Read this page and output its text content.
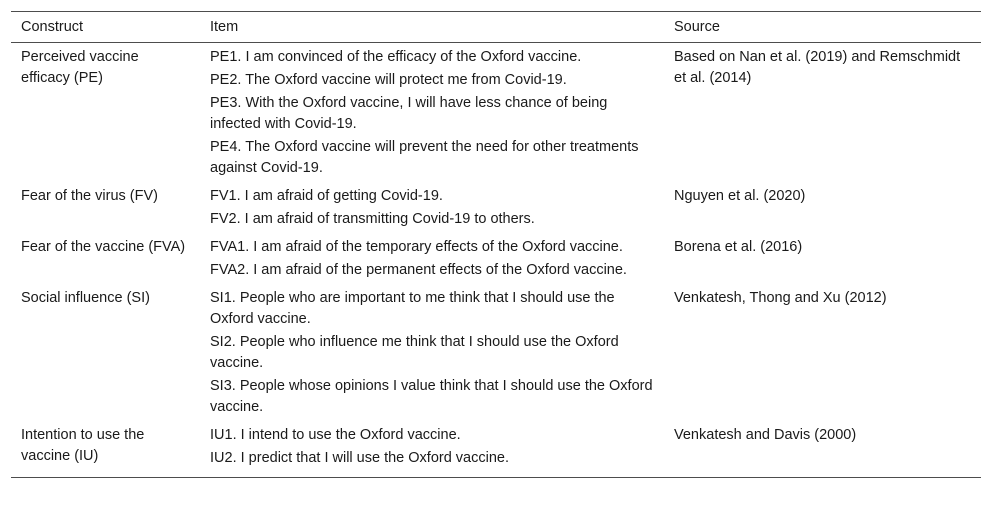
Construct	Item	Source
Perceived vaccine efficacy (PE)	PE1. I am convinced of the efficacy of the Oxford vaccine.
PE2. The Oxford vaccine will protect me from Covid-19.
PE3. With the Oxford vaccine, I will have less chance of being infected with Covid-19.
PE4. The Oxford vaccine will prevent the need for other treatments against Covid-19.	Based on Nan et al. (2019) and Remschmidt et al. (2014)
Fear of the virus (FV)	FV1. I am afraid of getting Covid-19.
FV2. I am afraid of transmitting Covid-19 to others.	Nguyen et al. (2020)
Fear of the vaccine (FVA)	FVA1. I am afraid of the temporary effects of the Oxford vaccine.
FVA2. I am afraid of the permanent effects of the Oxford vaccine.	Borena et al. (2016)
Social influence (SI)	SI1. People who are important to me think that I should use the Oxford vaccine.
SI2. People who influence me think that I should use the Oxford vaccine.
SI3. People whose opinions I value think that I should use the Oxford vaccine.	Venkatesh, Thong and Xu (2012)
Intention to use the vaccine (IU)	IU1. I intend to use the Oxford vaccine.
IU2. I predict that I will use the Oxford vaccine.	Venkatesh and Davis (2000)
